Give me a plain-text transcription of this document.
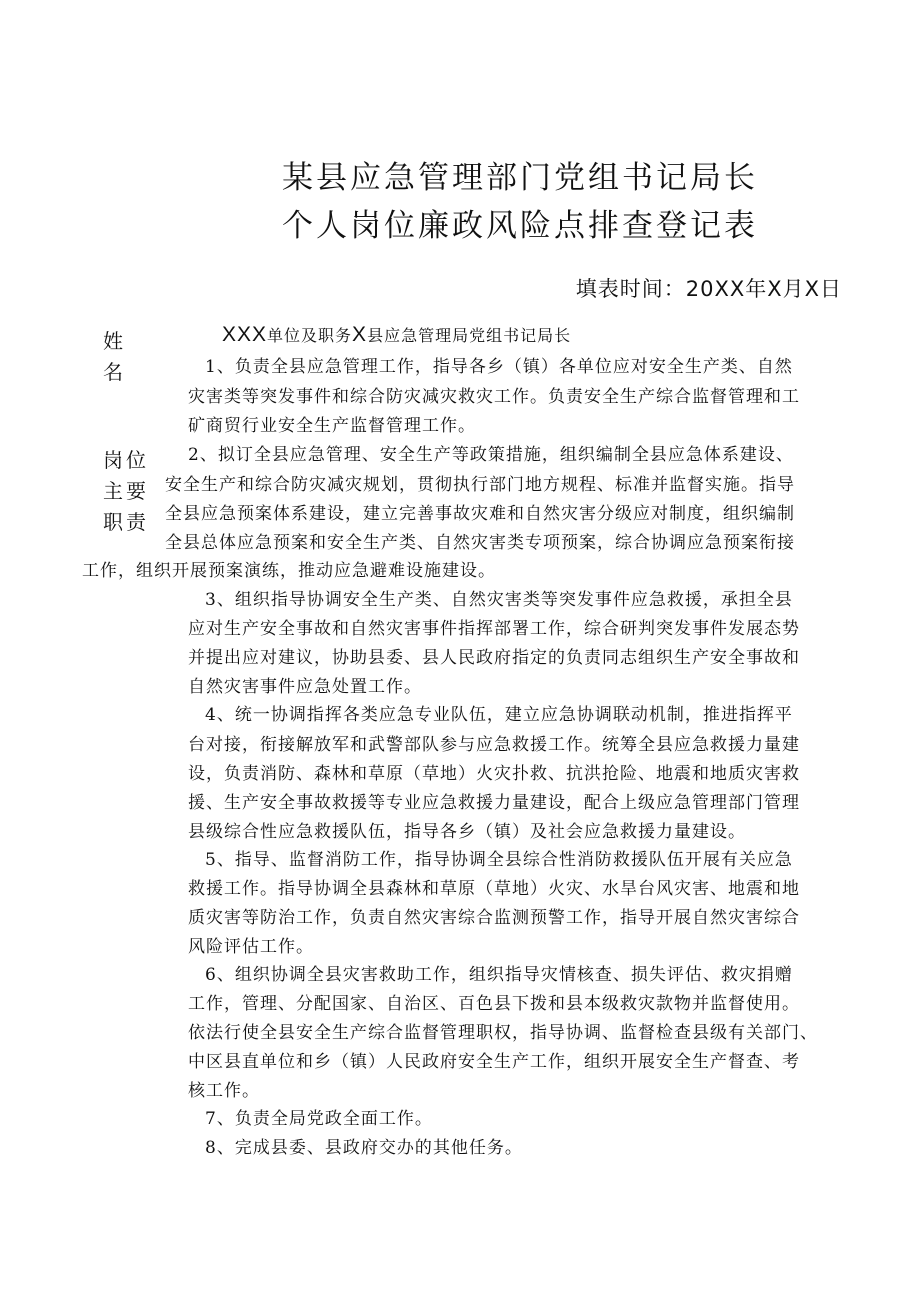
某县应急管理部门党组书记局长
个人岗位廉政风险点排查登记表
填表时间：20XX年X月X日
姓
名
岗位
主要
职责
XXX单位及职务X县应急管理局党组书记局长
1、负责全县应急管理工作，指导各乡（镇）各单位应对安全生产类、自然
灾害类等突发事件和综合防灾减灾救灾工作。负责安全生产综合监督管理和工
矿商贸行业安全生产监督管理工作。
2、拟订全县应急管理、安全生产等政策措施，组织编制全县应急体系建设、
安全生产和综合防灾减灾规划，贯彻执行部门地方规程、标准并监督实施。指导
全县应急预案体系建设，建立完善事故灾难和自然灾害分级应对制度，组织编制
全县总体应急预案和安全生产类、自然灾害类专项预案，综合协调应急预案衔接
工作，组织开展预案演练，推动应急避难设施建设。
3、组织指导协调安全生产类、自然灾害类等突发事件应急救援，承担全县
应对生产安全事故和自然灾害事件指挥部署工作，综合研判突发事件发展态势
并提出应对建议，协助县委、县人民政府指定的负责同志组织生产安全事故和
自然灾害事件应急处置工作。
4、统一协调指挥各类应急专业队伍，建立应急协调联动机制，推进指挥平
台对接，衔接解放军和武警部队参与应急救援工作。统筹全县应急救援力量建
设，负责消防、森林和草原（草地）火灾扑救、抗洪抢险、地震和地质灾害救
援、生产安全事故救援等专业应急救援力量建设，配合上级应急管理部门管理
县级综合性应急救援队伍，指导各乡（镇）及社会应急救援力量建设。
5、指导、监督消防工作，指导协调全县综合性消防救援队伍开展有关应急
救援工作。指导协调全县森林和草原（草地）火灾、水旱台风灾害、地震和地
质灾害等防治工作，负责自然灾害综合监测预警工作，指导开展自然灾害综合
风险评估工作。
6、组织协调全县灾害救助工作，组织指导灾情核查、损失评估、救灾捐赠
工作，管理、分配国家、自治区、百色县下拨和县本级救灾款物并监督使用。
依法行使全县安全生产综合监督管理职权，指导协调、监督检查县级有关部门、
中区县直单位和乡（镇）人民政府安全生产工作，组织开展安全生产督查、考
核工作。
7、负责全局党政全面工作。
8、完成县委、县政府交办的其他任务。
